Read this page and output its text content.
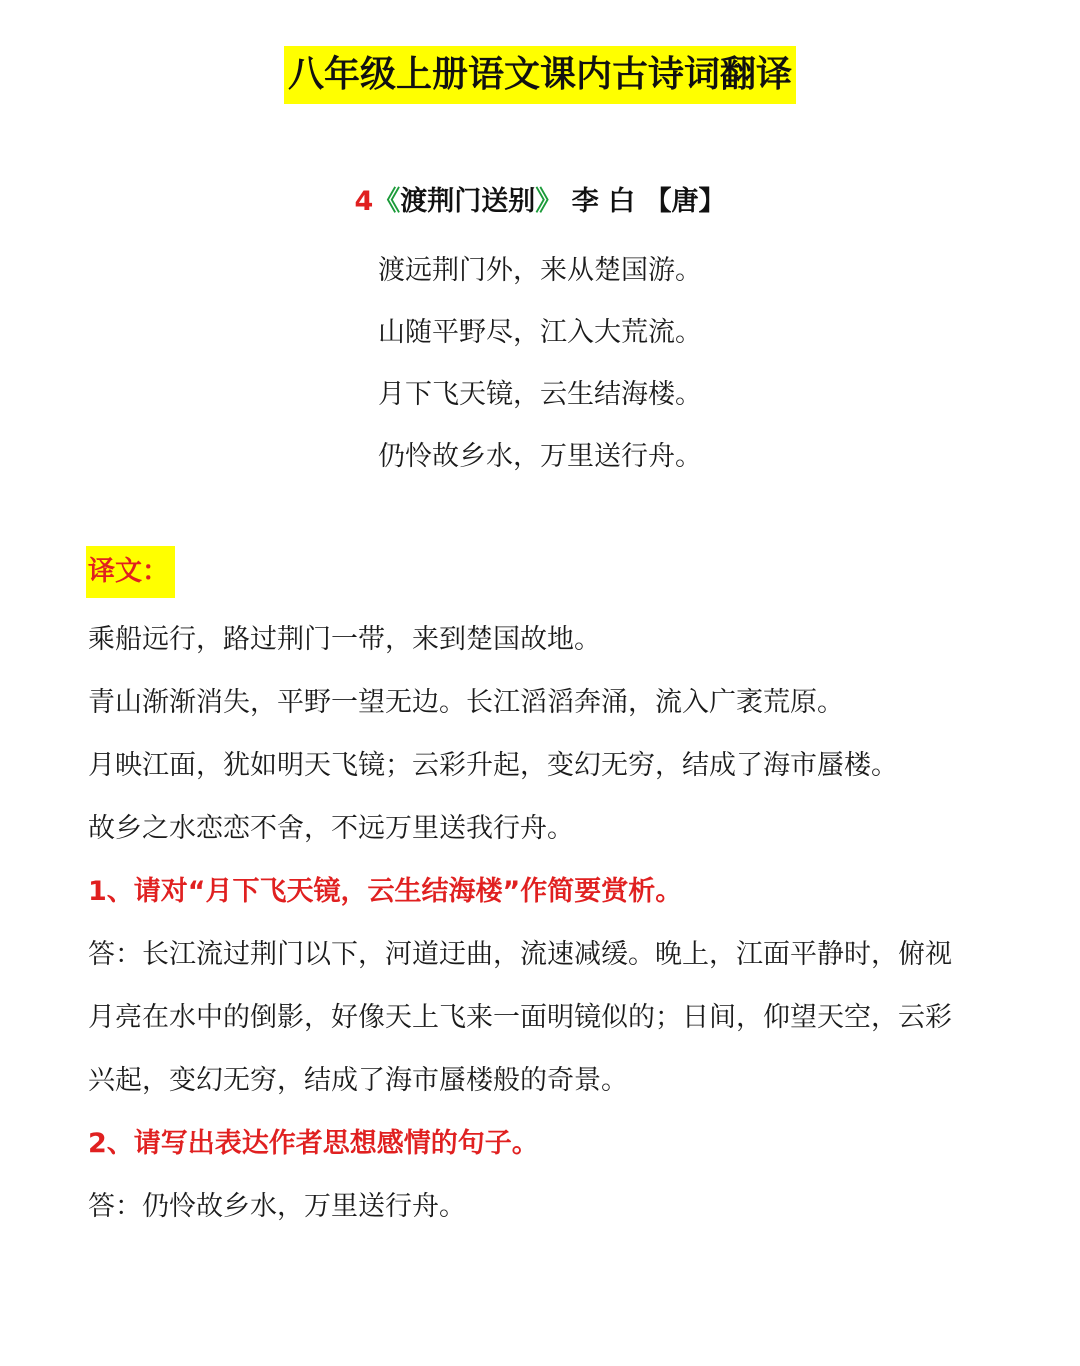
八年级上册语文课内古诗词翻译
4《渡荆门送别》 李 白 【唐】
渡远荆门外，来从楚国游。
山随平野尽，江入大荒流。
月下飞天镜，云生结海楼。
仍怜故乡水，万里送行舟。
译文：
乘船远行，路过荆门一带，来到楚国故地。
青山渐渐消失，平野一望无边。长江滔滔奔涌，流入广袤荒原。
月映江面，犹如明天飞镜；云彩升起，变幻无穷，结成了海市蜃楼。
故乡之水恋恋不舍，不远万里送我行舟。
1、请对“月下飞天镜，云生结海楼”作简要赏析。
答：长江流过荆门以下，河道迂曲，流速减缓。晚上，江面平静时，俯视
月亮在水中的倒影，好像天上飞来一面明镜似的；日间，仰望天空，云彩
兴起，变幻无穷，结成了海市蜃楼般的奇景。
2、请写出表达作者思想感情的句子。
答：仍怜故乡水，万里送行舟。
